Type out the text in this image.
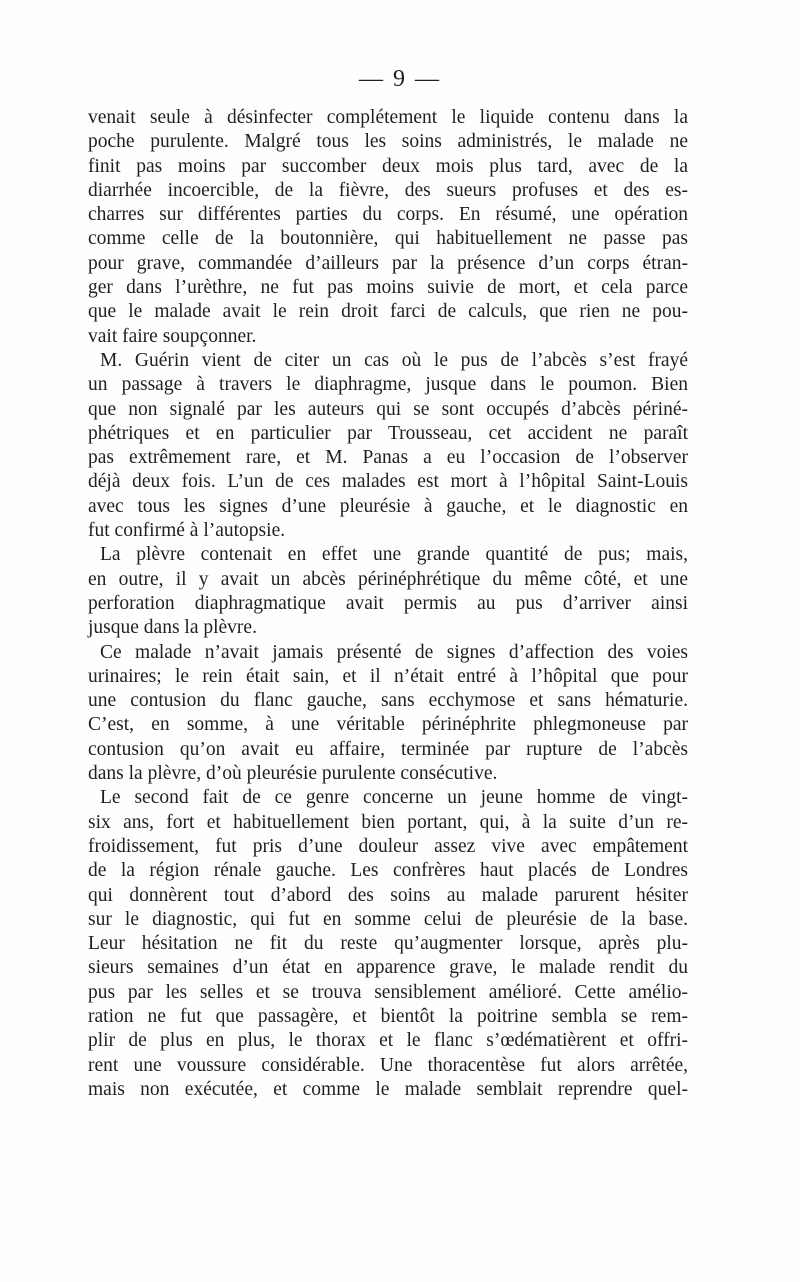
— 9 —
venait seule à désinfecter complétement le liquide contenu dans la
poche purulente. Malgré tous les soins administrés, le malade ne
finit pas moins par succomber deux mois plus tard, avec de la
diarrhée incoercible, de la fièvre, des sueurs profuses et des es-
charres sur différentes parties du corps. En résumé, une opération
comme celle de la boutonnière, qui habituellement ne passe pas
pour grave, commandée d’ailleurs par la présence d’un corps étran-
ger dans l’urèthre, ne fut pas moins suivie de mort, et cela parce
que le malade avait le rein droit farci de calculs, que rien ne pou-
vait faire soupçonner.
M. Guérin vient de citer un cas où le pus de l’abcès s’est frayé
un passage à travers le diaphragme, jusque dans le poumon. Bien
que non signalé par les auteurs qui se sont occupés d’abcès périné-
phétriques et en particulier par Trousseau, cet accident ne paraît
pas extrêmement rare, et M. Panas a eu l’occasion de l’observer
déjà deux fois. L’un de ces malades est mort à l’hôpital Saint-Louis
avec tous les signes d’une pleurésie à gauche, et le diagnostic en
fut confirmé à l’autopsie.
La plèvre contenait en effet une grande quantité de pus; mais,
en outre, il y avait un abcès périnéphrétique du même côté, et une
perforation diaphragmatique avait permis au pus d’arriver ainsi
jusque dans la plèvre.
Ce malade n’avait jamais présenté de signes d’affection des voies
urinaires; le rein était sain, et il n’était entré à l’hôpital que pour
une contusion du flanc gauche, sans ecchymose et sans hématurie.
C’est, en somme, à une véritable périnéphrite phlegmoneuse par
contusion qu’on avait eu affaire, terminée par rupture de l’abcès
dans la plèvre, d’où pleurésie purulente consécutive.
Le second fait de ce genre concerne un jeune homme de vingt-
six ans, fort et habituellement bien portant, qui, à la suite d’un re-
froidissement, fut pris d’une douleur assez vive avec empâtement
de la région rénale gauche. Les confrères haut placés de Londres
qui donnèrent tout d’abord des soins au malade parurent hésiter
sur le diagnostic, qui fut en somme celui de pleurésie de la base.
Leur hésitation ne fit du reste qu’augmenter lorsque, après plu-
sieurs semaines d’un état en apparence grave, le malade rendit du
pus par les selles et se trouva sensiblement amélioré. Cette amélio-
ration ne fut que passagère, et bientôt la poitrine sembla se rem-
plir de plus en plus, le thorax et le flanc s’œdématièrent et offri-
rent une voussure considérable. Une thoracentèse fut alors arrêtée,
mais non exécutée, et comme le malade semblait reprendre quel-
